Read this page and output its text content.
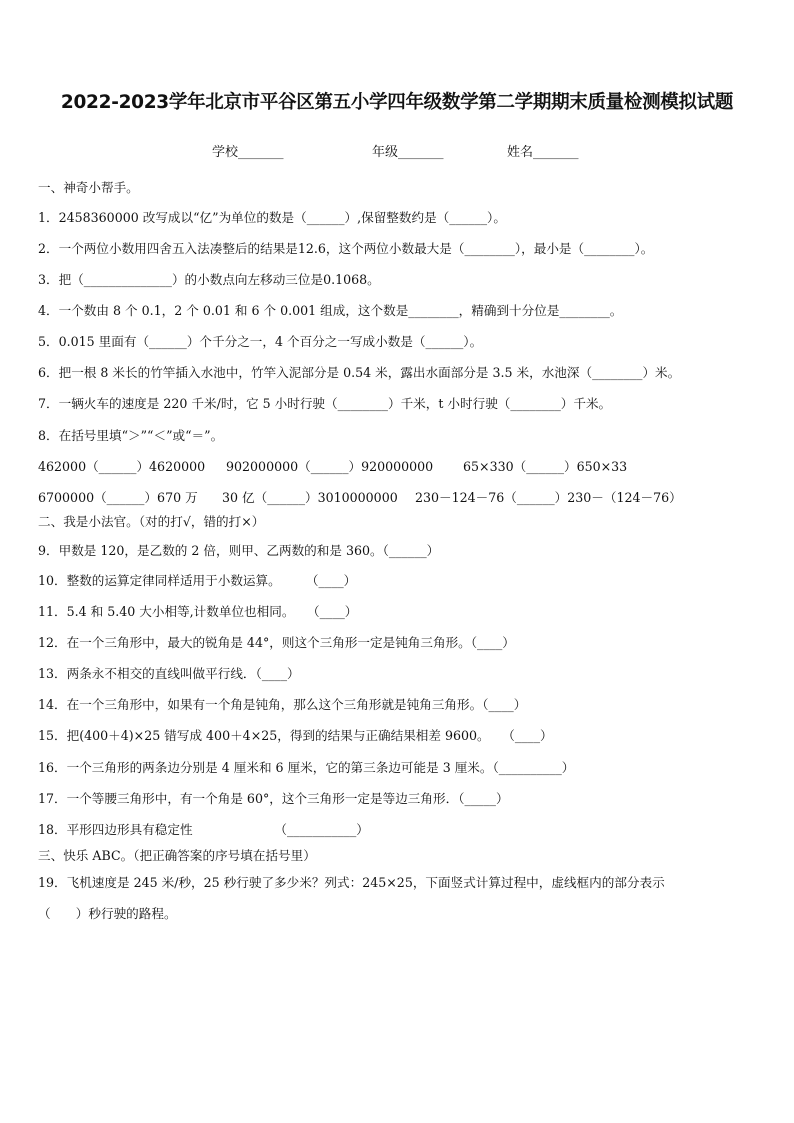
2022-2023学年北京市平谷区第五小学四年级数学第二学期期末质量检测模拟试题
学校_______	年级_______	姓名_______
一、神奇小帮手。
1．2458360000 改写成以“亿”为单位的数是（______）,保留整数约是（______）。
2．一个两位小数用四舍五入法凑整后的结果是12.6，这个两位小数最大是（________），最小是（________）。
3．把（______________）的小数点向左移动三位是0.1068。
4．一个数由 8 个 0.1，2 个 0.01 和 6 个 0.001 组成，这个数是________，精确到十分位是________。
5．0.015 里面有（______）个千分之一，4 个百分之一写成小数是（______）。
6．把一根 8 米长的竹竿插入水池中，竹竿入泥部分是 0.54 米，露出水面部分是 3.5 米，水池深（________）米。
7．一辆火车的速度是 220 千米/时，它 5 小时行驶（________）千米，t 小时行驶（________）千米。
8．在括号里填“＞”“＜”或“＝”。
462000（______）4620000 902000000（______）920000000 65×330（______）650×33
6700000（______）670 万 30 亿（______）3010000000 230－124－76（______）230－（124－76）
二、我是小法官。（对的打√，错的打×）
9．甲数是 120，是乙数的 2 倍，则甲、乙两数的和是 360。（______）
10．整数的运算定律同样适用于小数运算。　　　（____）
11．5.4 和 5.40 大小相等,计数单位也相同。　　（____）
12．在一个三角形中，最大的锐角是 44°，则这个三角形一定是钝角三角形。（____）
13．两条永不相交的直线叫做平行线．（____）
14．在一个三角形中，如果有一个角是钝角，那么这个三角形就是钝角三角形。（____）
15．把(400＋4)×25 错写成 400＋4×25，得到的结果与正确结果相差 9600。　　（____）
16．一个三角形的两条边分别是 4 厘米和 6 厘米，它的第三条边可能是 3 厘米。（__________）
17．一个等腰三角形中，有一个角是 60°，这个三角形一定是等边三角形．（_____）
18．平形四边形具有稳定性　　　　　　　（___________）
三、快乐 ABC。（把正确答案的序号填在括号里）
19．飞机速度是 245 米/秒，25 秒行驶了多少米？列式：245×25，下面竖式计算过程中，虚线框内的部分表示
（　　）秒行驶的路程。
